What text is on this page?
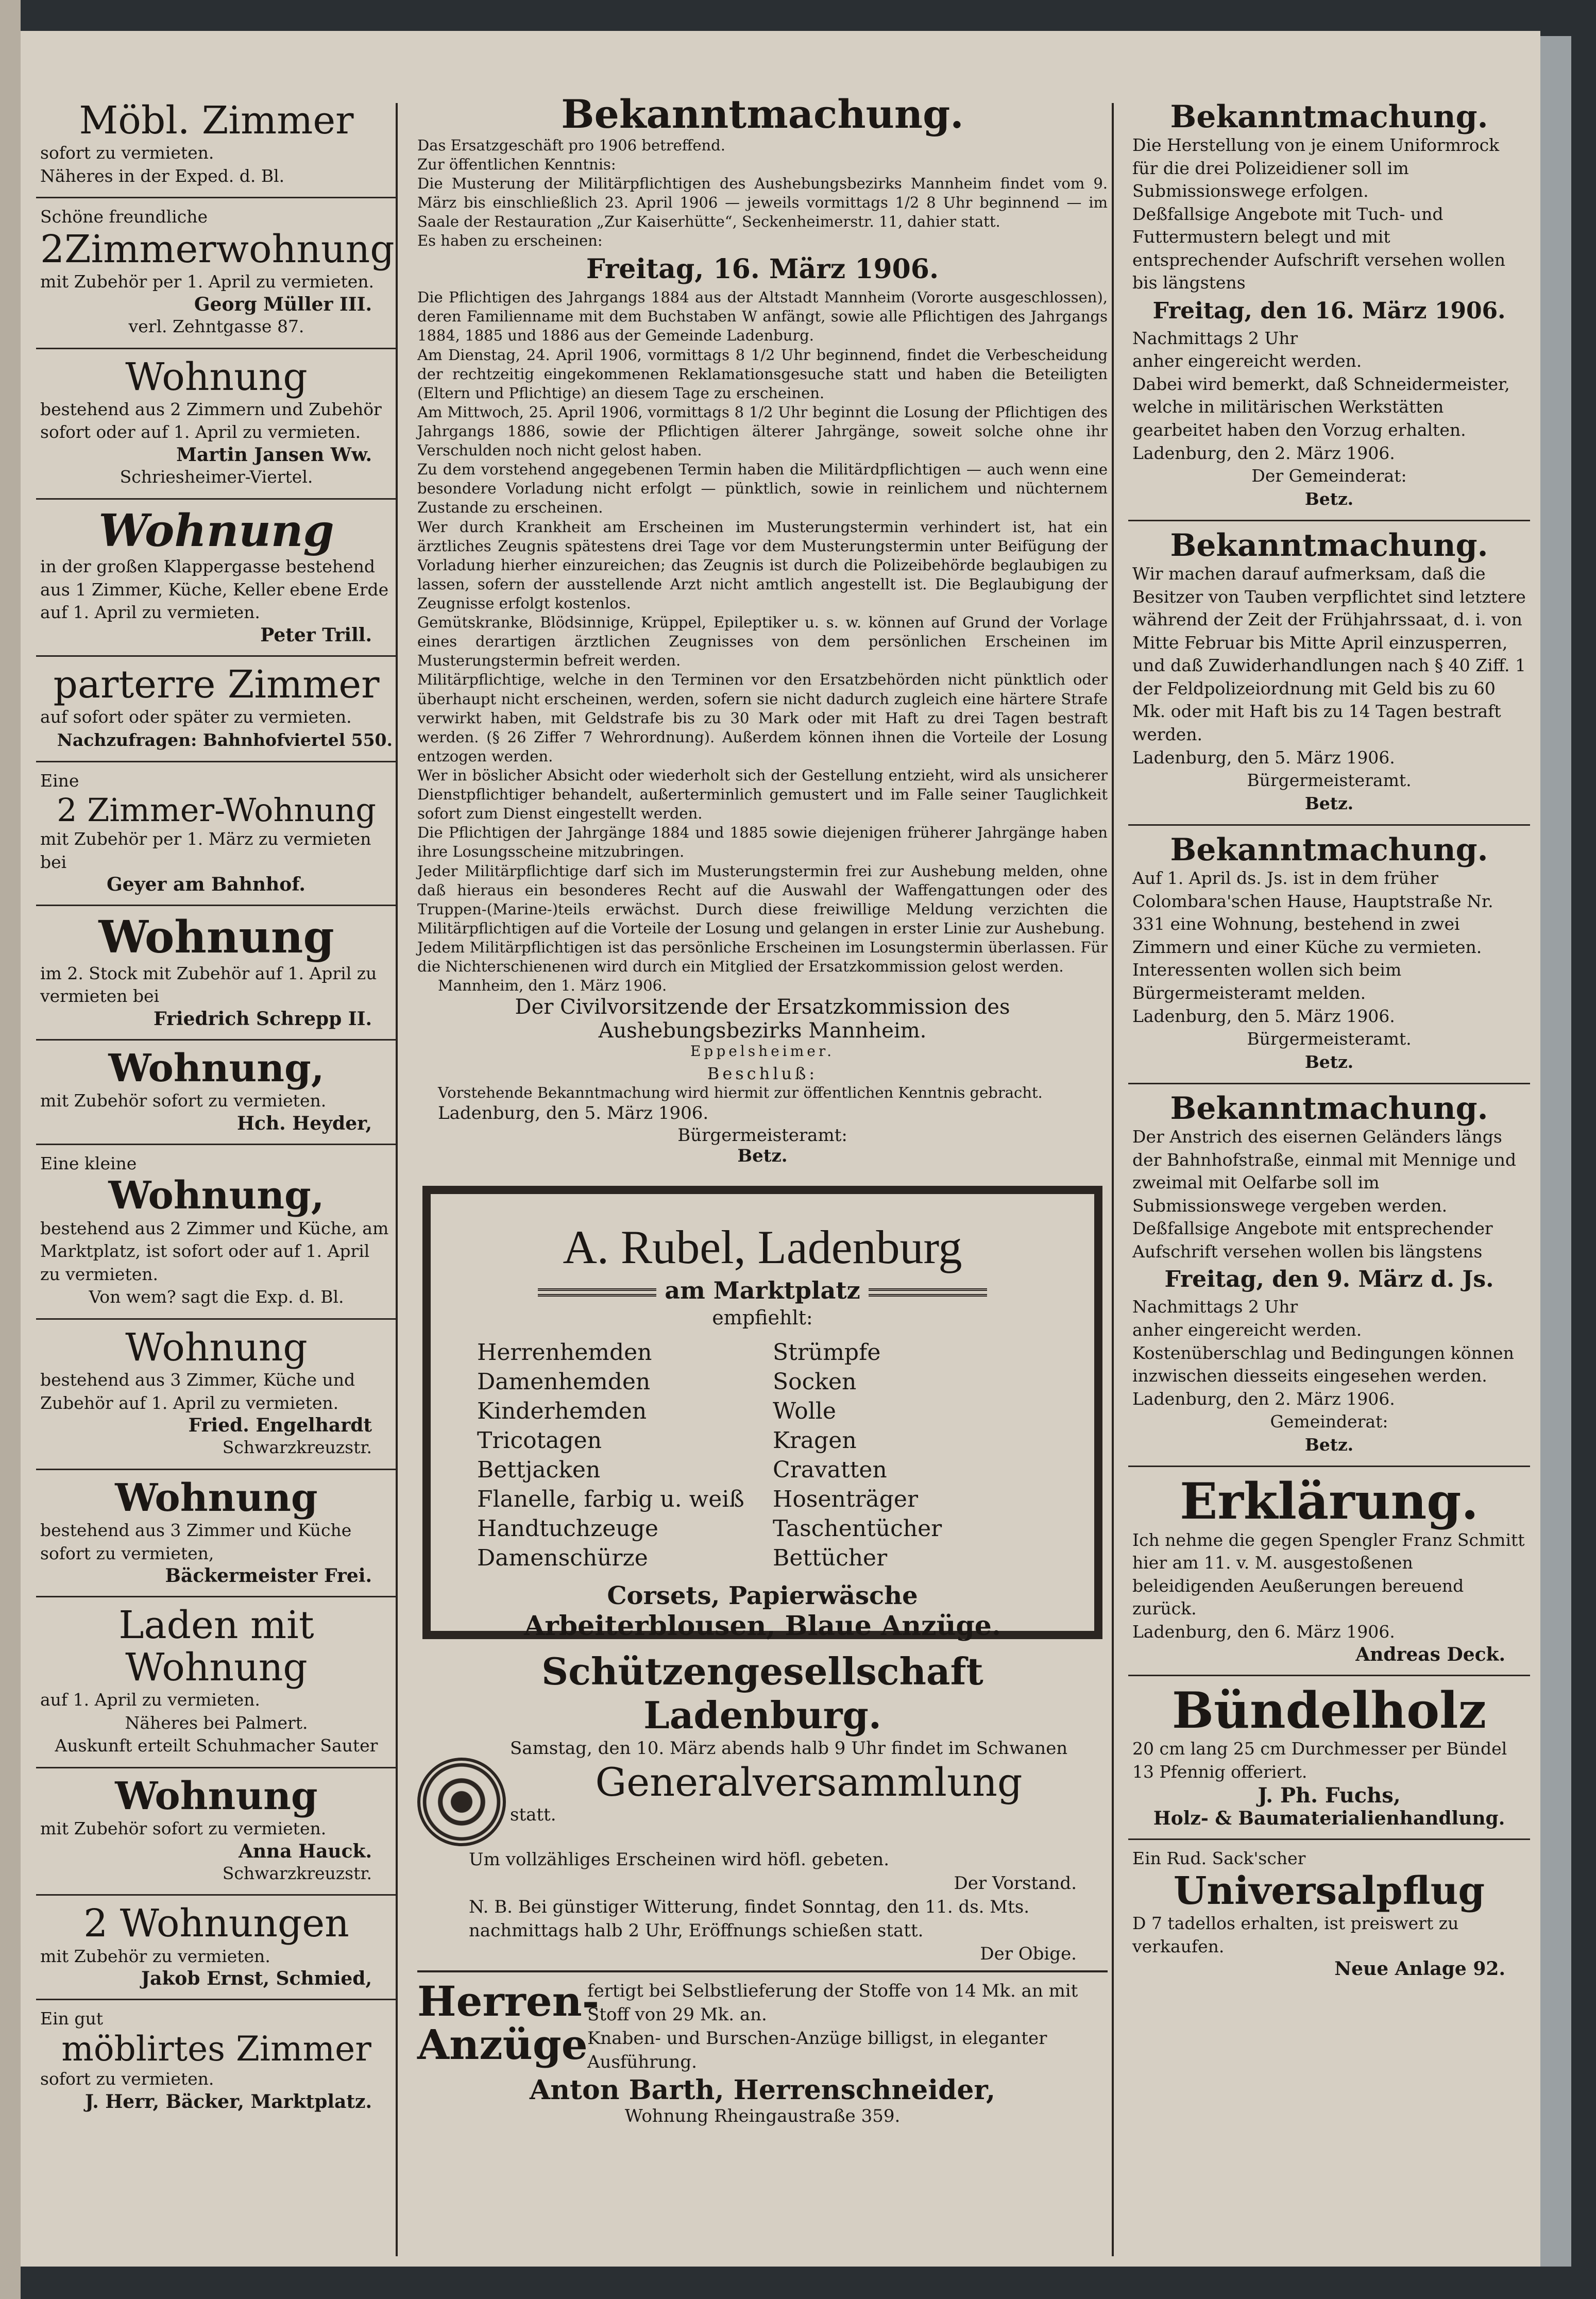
Möbl. Zimmer
sofort zu vermieten.
Näheres in der Exped. d. Bl.
Schöne freundliche
2Zimmerwohnung
mit Zubehör per 1. April zu vermieten.
Georg Müller III.
verl. Zehntgasse 87.
Wohnung
bestehend aus 2 Zimmern und Zubehör sofort oder auf 1. April zu vermieten.
Martin Jansen Ww.
Schriesheimer-Viertel.
Wohnung
in der großen Klappergasse bestehend aus 1 Zimmer, Küche, Keller ebene Erde auf 1. April zu vermieten.
Peter Trill.
parterre Zimmer
auf sofort oder später zu vermieten.
Nachzufragen: Bahnhofviertel 550.
Eine
2 Zimmer-Wohnung
mit Zubehör per 1. März zu vermieten bei
Geyer am Bahnhof.
Wohnung
im 2. Stock mit Zubehör auf 1. April zu vermieten bei
Friedrich Schrepp II.
Wohnung,
mit Zubehör sofort zu vermieten.
Hch. Heyder,
Eine kleine
Wohnung,
bestehend aus 2 Zimmer und Küche, am Marktplatz, ist sofort oder auf 1. April zu vermieten.
Von wem? sagt die Exp. d. Bl.
Wohnung
bestehend aus 3 Zimmer, Küche und Zubehör auf 1. April zu vermieten.
Fried. Engelhardt
Schwarzkreuzstr.
Wohnung
bestehend aus 3 Zimmer und Küche sofort zu vermieten,
Bäckermeister Frei.
Laden mit Wohnung
auf 1. April zu vermieten.
Näheres bei Palmert.
Auskunft erteilt Schuhmacher Sauter
Wohnung
mit Zubehör sofort zu vermieten.
Anna Hauck.
Schwarzkreuzstr.
2 Wohnungen
mit Zubehör zu vermieten.
Jakob Ernst, Schmied,
Ein gut
möblirtes Zimmer
sofort zu vermieten.
J. Herr, Bäcker, Marktplatz.
Bekanntmachung.
Das Ersatzgeschäft pro 1906 betreffend.
Zur öffentlichen Kenntnis:
Die Musterung der Militärpflichtigen des Aushebungsbezirks Mannheim findet vom 9. März bis einschließlich 23. April 1906 — jeweils vormittags 1/2 8 Uhr beginnend — im Saale der Restauration „Zur Kaiserhütte“, Seckenheimerstr. 11, dahier statt.
Es haben zu erscheinen:
Freitag, 16. März 1906.
Die Pflichtigen des Jahrgangs 1884 aus der Altstadt Mannheim (Vororte ausgeschlossen), deren Familienname mit dem Buchstaben W anfängt, sowie alle Pflichtigen des Jahrgangs 1884, 1885 und 1886 aus der Gemeinde Ladenburg.
Am Dienstag, 24. April 1906, vormittags 8 1/2 Uhr beginnend, findet die Verbescheidung der rechtzeitig eingekommenen Reklamationsgesuche statt und haben die Beteiligten (Eltern und Pflichtige) an diesem Tage zu erscheinen.
Am Mittwoch, 25. April 1906, vormittags 8 1/2 Uhr beginnt die Losung der Pflichtigen des Jahrgangs 1886, sowie der Pflichtigen älterer Jahrgänge, soweit solche ohne ihr Verschulden noch nicht gelost haben.
Zu dem vorstehend angegebenen Termin haben die Militärdpflichtigen — auch wenn eine besondere Vorladung nicht erfolgt — pünktlich, sowie in reinlichem und nüchternem Zustande zu erscheinen.
Wer durch Krankheit am Erscheinen im Musterungstermin verhindert ist, hat ein ärztliches Zeugnis spätestens drei Tage vor dem Musterungstermin unter Beifügung der Vorladung hierher einzureichen; das Zeugnis ist durch die Polizeibehörde beglaubigen zu lassen, sofern der ausstellende Arzt nicht amtlich angestellt ist. Die Beglaubigung der Zeugnisse erfolgt kostenlos.
Gemütskranke, Blödsinnige, Krüppel, Epileptiker u. s. w. können auf Grund der Vorlage eines derartigen ärztlichen Zeugnisses von dem persönlichen Erscheinen im Musterungstermin befreit werden.
Militärpflichtige, welche in den Terminen vor den Ersatzbehörden nicht pünktlich oder überhaupt nicht erscheinen, werden, sofern sie nicht dadurch zugleich eine härtere Strafe verwirkt haben, mit Geldstrafe bis zu 30 Mark oder mit Haft zu drei Tagen bestraft werden. (§ 26 Ziffer 7 Wehrordnung). Außerdem können ihnen die Vorteile der Losung entzogen werden.
Wer in böslicher Absicht oder wiederholt sich der Gestellung entzieht, wird als unsicherer Dienstpflichtiger behandelt, außerterminlich gemustert und im Falle seiner Tauglichkeit sofort zum Dienst eingestellt werden.
Die Pflichtigen der Jahrgänge 1884 und 1885 sowie diejenigen früherer Jahrgänge haben ihre Losungsscheine mitzubringen.
Jeder Militärpflichtige darf sich im Musterungstermin frei zur Aushebung melden, ohne daß hieraus ein besonderes Recht auf die Auswahl der Waffengattungen oder des Truppen-(Marine-)teils erwächst. Durch diese freiwillige Meldung verzichten die Militärpflichtigen auf die Vorteile der Losung und gelangen in erster Linie zur Aushebung.
Jedem Militärpflichtigen ist das persönliche Erscheinen im Losungstermin überlassen. Für die Nichterschienenen wird durch ein Mitglied der Ersatzkommission gelost werden.
Mannheim, den 1. März 1906.
Der Civilvorsitzende der Ersatzkommission des
Aushebungsbezirks Mannheim.
Eppelsheimer.
Beschluß:
Vorstehende Bekanntmachung wird hiermit zur öffentlichen Kenntnis gebracht.
Ladenburg, den 5. März 1906.
Bürgermeisteramt:
Betz.
A. Rubel, Ladenburg
am Marktplatz
empfiehlt:
Herrenhemden	Strümpfe
Damenhemden	Socken
Kinderhemden	Wolle
Tricotagen	Kragen
Bettjacken	Cravatten
Flanelle, farbig u. weiß	Hosenträger
Handtuchzeuge	Taschentücher
Damenschürze	Bettücher
Corsets, Papierwäsche
Arbeiterblousen, Blaue Anzüge.
Schützengesellschaft Ladenburg.
Samstag, den 10. März abends halb 9 Uhr findet im Schwanen
Generalversammlung
statt.
Um vollzähliges Erscheinen wird höfl. gebeten.
Der Vorstand.
N. B. Bei günstiger Witterung, findet Sonntag, den 11. ds. Mts. nachmittags halb 2 Uhr, Eröffnungs schießen statt.
Der Obige.
Herren-
Anzüge
fertigt bei Selbstlieferung der Stoffe von 14 Mk. an mit Stoff von 29 Mk. an.
Knaben- und Burschen-Anzüge billigst, in eleganter Ausführung.
Anton Barth, Herrenschneider,
Wohnung Rheingaustraße 359.
Bekanntmachung.
Die Herstellung von je einem Uniformrock für die drei Polizeidiener soll im Submissionswege erfolgen.
Deßfallsige Angebote mit Tuch- und Futtermustern belegt und mit entsprechender Aufschrift versehen wollen bis längstens
Freitag, den 16. März 1906.
Nachmittags 2 Uhr
anher eingereicht werden.
Dabei wird bemerkt, daß Schneidermeister, welche in militärischen Werkstätten gearbeitet haben den Vorzug erhalten.
Ladenburg, den 2. März 1906.
Der Gemeinderat:
Betz.
Bekanntmachung.
Wir machen darauf aufmerksam, daß die Besitzer von Tauben verpflichtet sind letztere während der Zeit der Frühjahrssaat, d. i. von Mitte Februar bis Mitte April einzusperren, und daß Zuwiderhandlungen nach § 40 Ziff. 1 der Feldpolizeiordnung mit Geld bis zu 60 Mk. oder mit Haft bis zu 14 Tagen bestraft werden.
Ladenburg, den 5. März 1906.
Bürgermeisteramt.
Betz.
Bekanntmachung.
Auf 1. April ds. Js. ist in dem früher Colombara'schen Hause, Hauptstraße Nr. 331 eine Wohnung, bestehend in zwei Zimmern und einer Küche zu vermieten.
Interessenten wollen sich beim Bürgermeisteramt melden.
Ladenburg, den 5. März 1906.
Bürgermeisteramt.
Betz.
Bekanntmachung.
Der Anstrich des eisernen Geländers längs der Bahnhofstraße, einmal mit Mennige und zweimal mit Oelfarbe soll im Submissionswege vergeben werden.
Deßfallsige Angebote mit entsprechender Aufschrift versehen wollen bis längstens
Freitag, den 9. März d. Js.
Nachmittags 2 Uhr
anher eingereicht werden.
Kostenüberschlag und Bedingungen können inzwischen diesseits eingesehen werden.
Ladenburg, den 2. März 1906.
Gemeinderat:
Betz.
Erklärung.
Ich nehme die gegen Spengler Franz Schmitt hier am 11. v. M. ausgestoßenen beleidigenden Aeußerungen bereuend zurück.
Ladenburg, den 6. März 1906.
Andreas Deck.
Bündelholz
20 cm lang 25 cm Durchmesser per Bündel 13 Pfennig offeriert.
J. Ph. Fuchs,
Holz- & Baumaterialienhandlung.
Ein Rud. Sack'scher
Universalpflug
D 7 tadellos erhalten, ist preiswert zu verkaufen.
Neue Anlage 92.
